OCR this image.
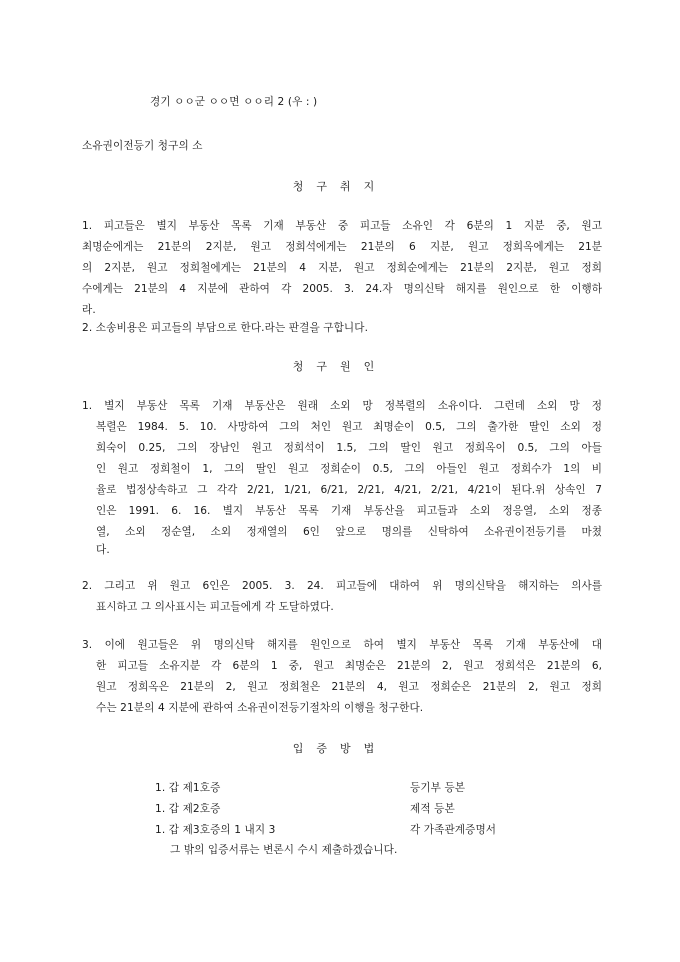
경기 ㅇㅇ군 ㅇㅇ면 ㅇㅇ리 2 (우 : )
소유권이전등기 청구의 소
청구취지
1. 피고들은 별지 부동산 목록 기재 부동산 중 피고들 소유인 각 6분의 1 지분 중, 원고
최명순에게는 21분의 2지분, 원고 정희석에게는 21분의 6 지분, 원고 정희옥에게는 21분
의 2지분, 원고 정희철에게는 21분의 4 지분, 원고 정희순에게는 21분의 2지분, 원고 정희
수에게는 21분의 4 지분에 관하여 각 2005. 3. 24.자 명의신탁 해지를 원인으로 한 이행하
라.
2. 소송비용은 피고들의 부담으로 한다.라는 판결을 구합니다.
청구원인
1. 별지 부동산 목록 기재 부동산은 원래 소외 망 정복렬의 소유이다. 그런데 소외 망 정
복렬은 1984. 5. 10. 사망하여 그의 처인 원고 최명순이 0.5, 그의 출가한 딸인 소외 정
희숙이 0.25, 그의 장남인 원고 정희석이 1.5, 그의 딸인 원고 정희옥이 0.5, 그의 아들
인 원고 정희철이 1, 그의 딸인 원고 정희순이 0.5, 그의 아들인 원고 정희수가 1의 비
율로 법정상속하고 그 각각 2/21, 1/21, 6/21, 2/21, 4/21, 2/21, 4/21이 된다.위 상속인 7
인은 1991. 6. 16. 별지 부동산 목록 기재 부동산을 피고들과 소외 정응열, 소외 정종
열, 소외 정순열, 소외 정재열의 6인 앞으로 명의를 신탁하여 소유권이전등기를 마쳤
다.
2. 그리고 위 원고 6인은 2005. 3. 24. 피고들에 대하여 위 명의신탁을 해지하는 의사를
표시하고 그 의사표시는 피고들에게 각 도달하였다.
3. 이에 원고들은 위 명의신탁 해지를 원인으로 하여 별지 부동산 목록 기재 부동산에 대
한 피고들 소유지분 각 6분의 1 중, 원고 최명순은 21분의 2, 원고 정희석은 21분의 6,
원고 정희옥은 21분의 2, 원고 정희철은 21분의 4, 원고 정희순은 21분의 2, 원고 정희
수는 21분의 4 지분에 관하여 소유권이전등기절차의 이행을 청구한다.
입증방법
1. 갑 제1호증	등기부 등본
1. 갑 제2호증	제적 등본
1. 갑 제3호증의 1 내지 3	각 가족관계증명서
그 밖의 입증서류는 변론시 수시 제출하겠습니다.
